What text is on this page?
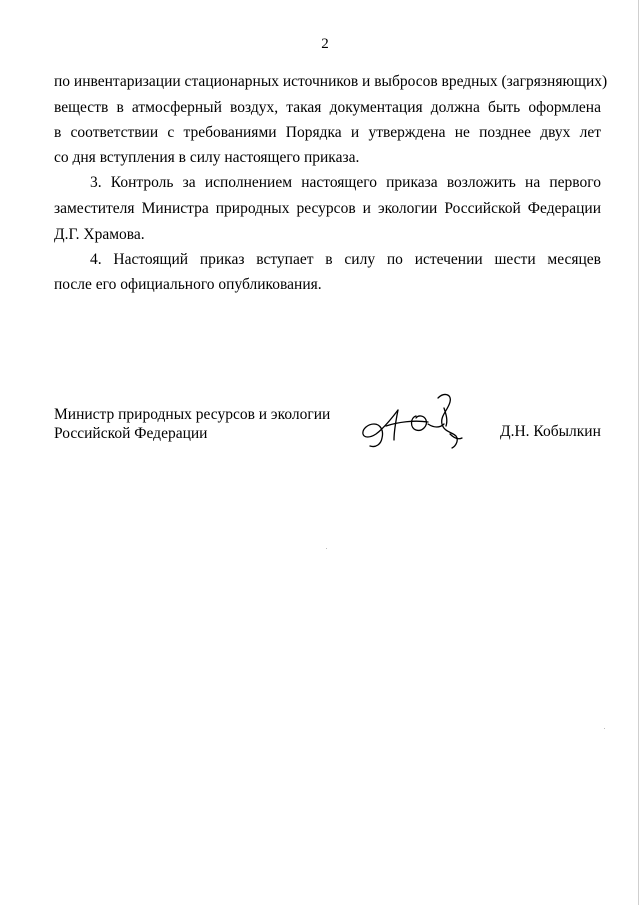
2
по инвентаризации стационарных источников и выбросов вредных (загрязняющих)
веществ в атмосферный воздух, такая документация должна быть оформлена
в соответствии с требованиями Порядка и утверждена не позднее двух лет
со дня вступления в силу настоящего приказа.
3. Контроль за исполнением настоящего приказа возложить на первого
заместителя Министра природных ресурсов и экологии Российской Федерации
Д.Г. Храмова.
4. Настоящий приказ вступает в силу по истечении шести месяцев
после его официального опубликования.
Министр природных ресурсов и экологии
Российской Федерации	Д.Н. Кобылкин
